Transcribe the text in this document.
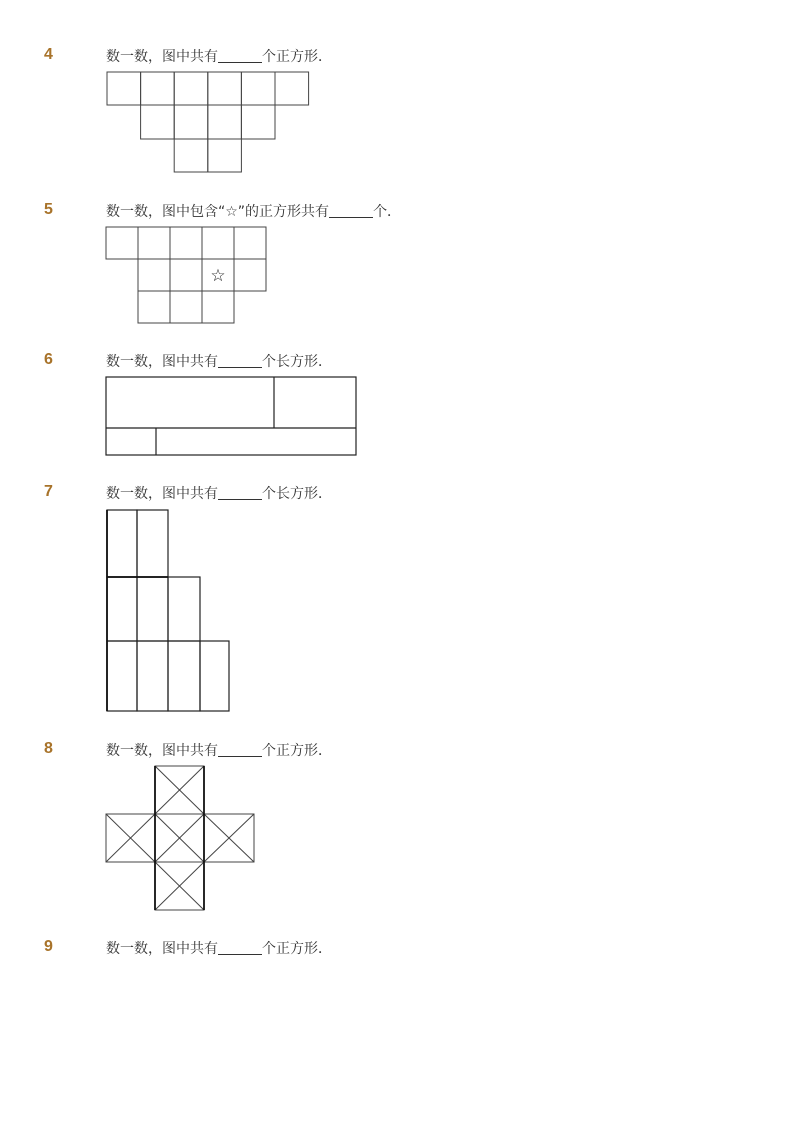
4	数一数，图中共有	个正方形．
5	数一数，图中包含“☆”的正方形共有	个．
☆
6	数一数，图中共有	个长方形．
7	数一数，图中共有	个长方形．
8	数一数，图中共有	个正方形．
9	数一数，图中共有	个正方形．
